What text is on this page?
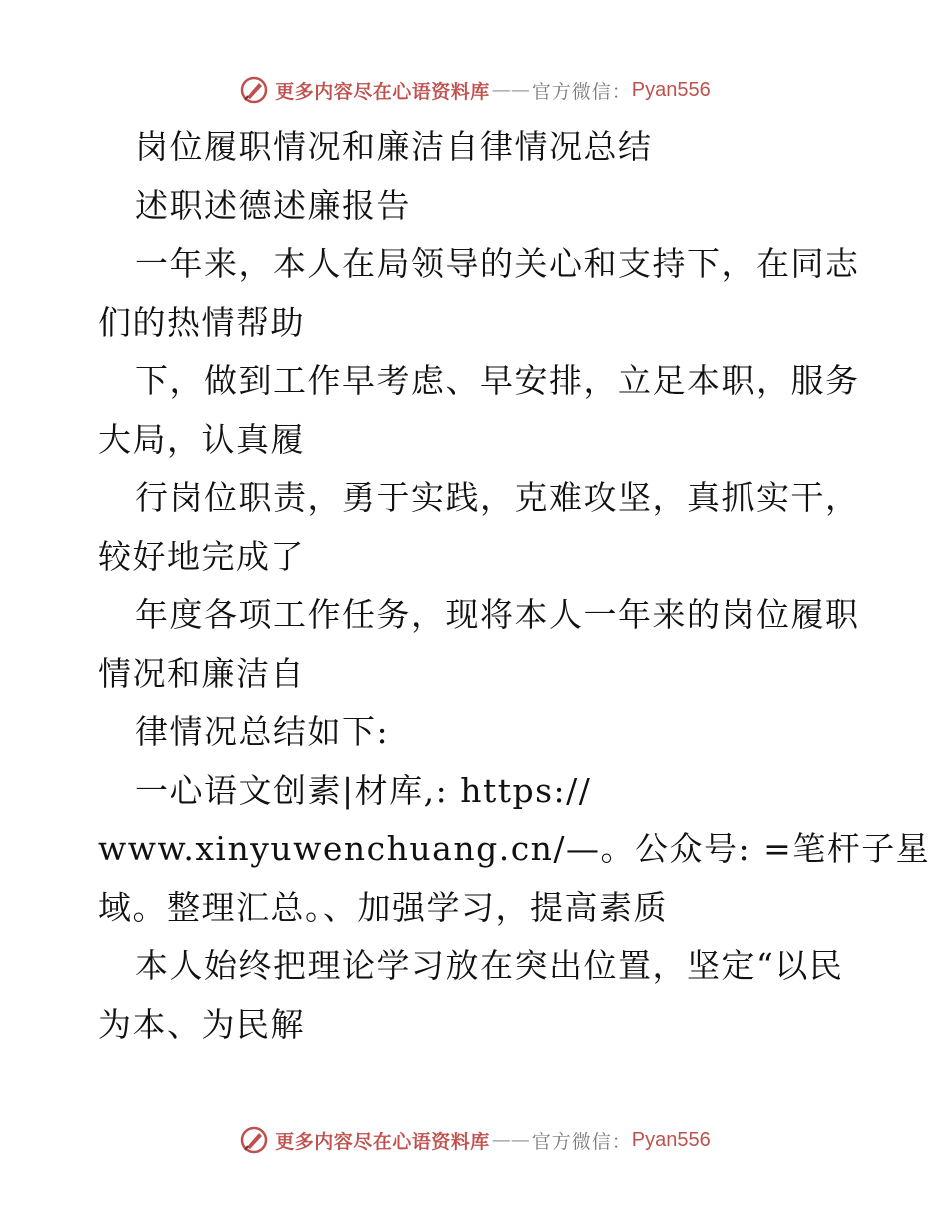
更多内容尽在心语资料库 —— 官方微信： Pyan556
岗位履职情况和廉洁自律情况总结
述职述德述廉报告
一年来，本人在局领导的关心和支持下，在同志
们的热情帮助
下，做到工作早考虑、早安排，立足本职，服务
大局，认真履
行岗位职责，勇于实践，克难攻坚，真抓实干，
较好地完成了
年度各项工作任务，现将本人一年来的岗位履职
情况和廉洁自
律情况总结如下:
一心语文创素|材库,: https://
www.xinyuwenchuang.cn/—。公众号: =笔杆子星
域。整理汇总。、加强学习，提高素质
本人始终把理论学习放在突出位置，坚定“以民
为本、为民解
更多内容尽在心语资料库 —— 官方微信： Pyan556
